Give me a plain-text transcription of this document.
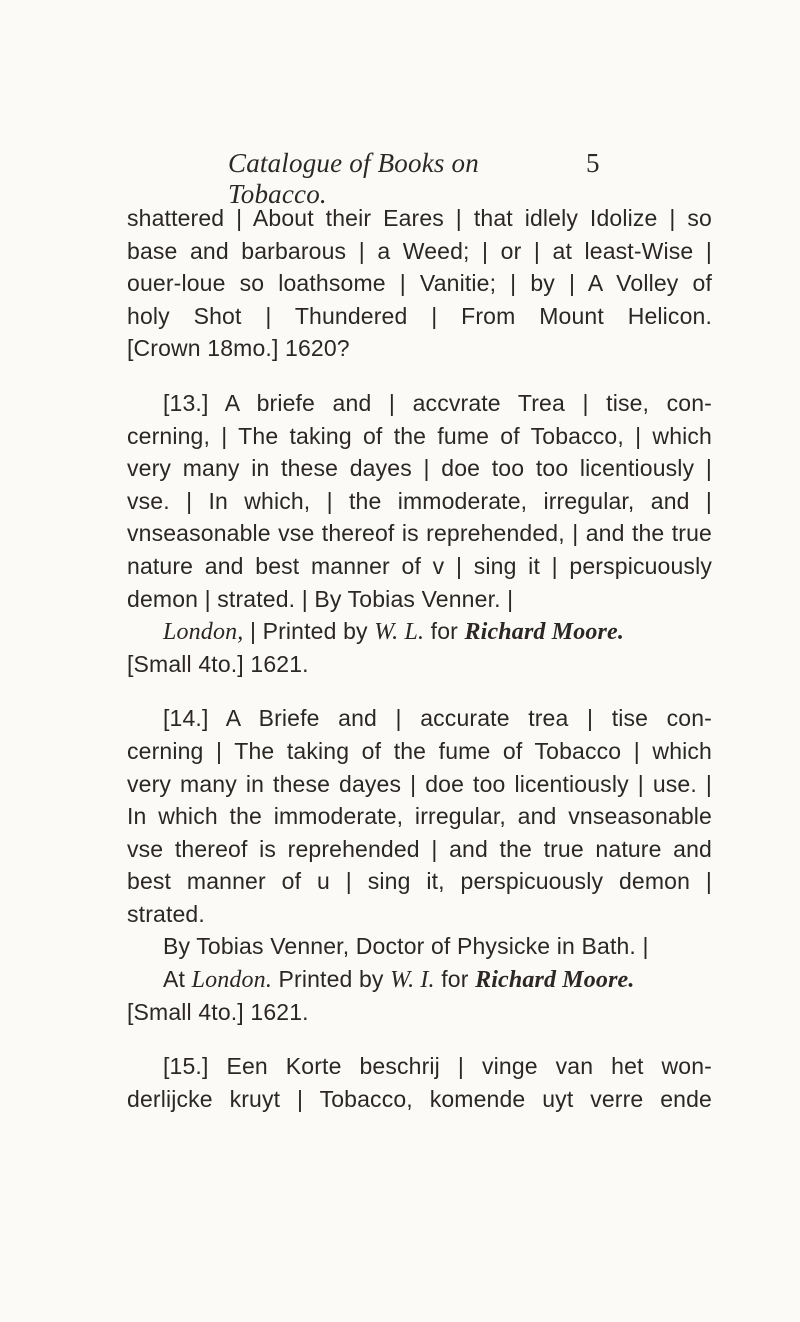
Catalogue of Books on Tobacco.
5
shattered | About their Eares | that idlely Idolize | so
base and barbarous | a Weed; | or | at least-Wise |
ouer-loue so loathsome | Vanitie; | by | A Volley of
holy Shot | Thundered | From Mount Helicon.
[Crown 18mo.] 1620?
[13.] A briefe and | accvrate Trea | tise, con-
cerning, | The taking of the fume of Tobacco, | which
very many in these dayes | doe too too licentiously |
vse. | In which, | the immoderate, irregular, and |
vnseasonable vse thereof is reprehended, | and the true
nature and best manner of v | sing it | perspicuously
demon | strated. | By Tobias Venner. |
London, | Printed by W. L. for Richard Moore.
[Small 4to.] 1621.
[14.] A Briefe and | accurate trea | tise con-
cerning | The taking of the fume of Tobacco | which
very many in these dayes | doe too licentiously | use. |
In which the immoderate, irregular, and vnseasonable
vse thereof is reprehended | and the true nature and
best manner of u | sing it, perspicuously demon |
strated.
By Tobias Venner, Doctor of Physicke in Bath. |
At London. Printed by W. I. for Richard Moore.
[Small 4to.] 1621.
[15.] Een Korte beschrij | vinge van het won-
derlijcke kruyt | Tobacco, komende uyt verre ende
